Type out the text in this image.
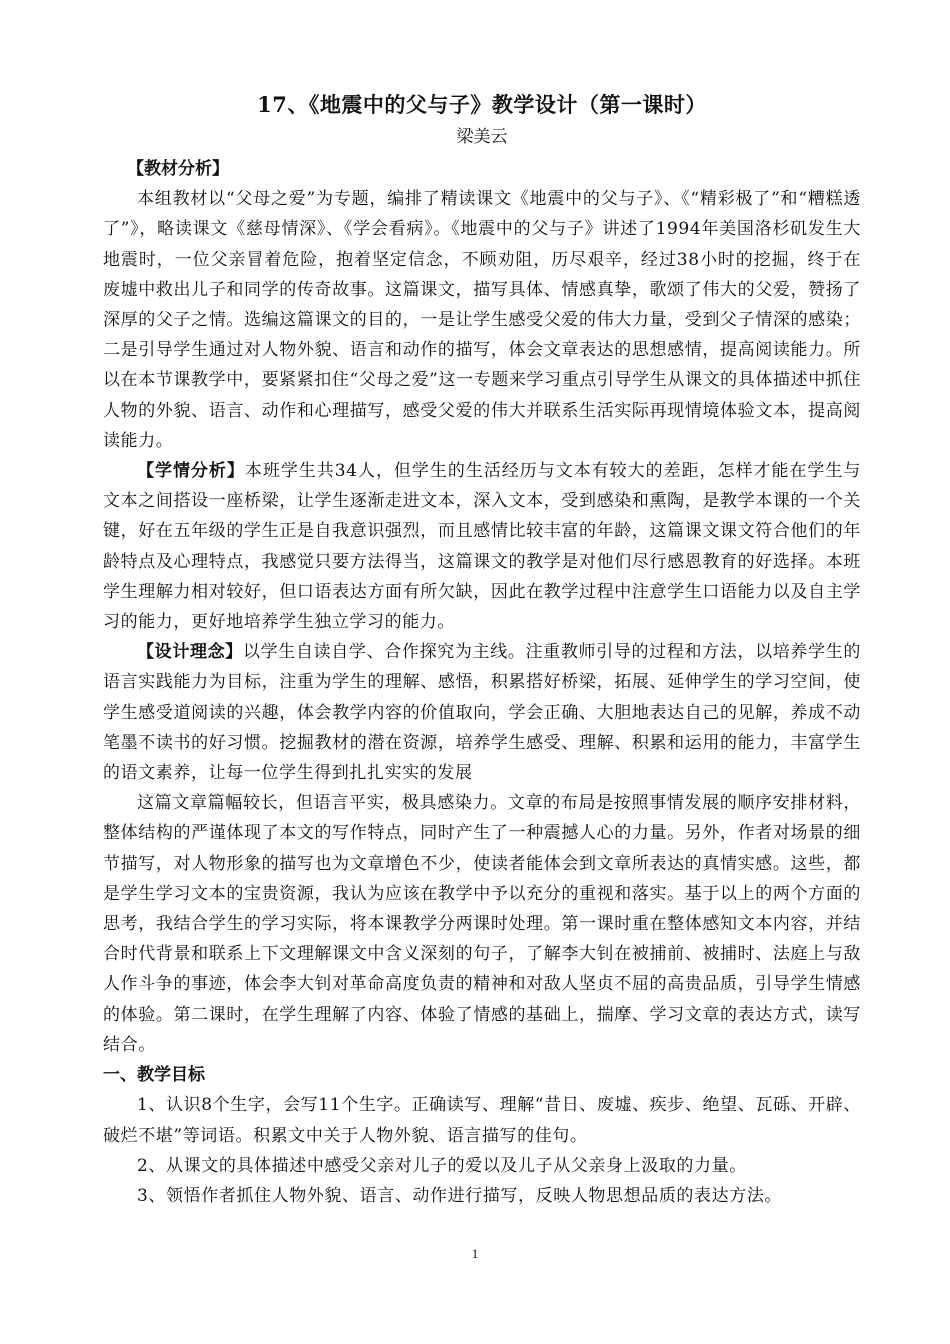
17、《地震中的父与子》教学设计（第一课时）

梁美云

【教材分析】

本组教材以“父母之爱”为专题，编排了精读课文《地震中的父与子》、《“精彩极了”和“糟糕透了”》，略读课文《慈母情深》、《学会看病》。《地震中的父与子》讲述了1994年美国洛杉矶发生大地震时，一位父亲冒着危险，抱着坚定信念，不顾劝阻，历尽艰辛，经过38小时的挖掘，终于在废墟中救出儿子和同学的传奇故事。这篇课文，描写具体、情感真挚，歌颂了伟大的父爱，赞扬了深厚的父子之情。选编这篇课文的目的，一是让学生感受父爱的伟大力量，受到父子情深的感染；二是引导学生通过对人物外貌、语言和动作的描写，体会文章表达的思想感情，提高阅读能力。所以在本节课教学中，要紧紧扣住“父母之爱”这一专题来学习重点引导学生从课文的具体描述中抓住人物的外貌、语言、动作和心理描写，感受父爱的伟大并联系生活实际再现情境体验文本，提高阅读能力。

【学情分析】本班学生共34人，但学生的生活经历与文本有较大的差距，怎样才能在学生与文本之间搭设一座桥梁，让学生逐渐走进文本，深入文本，受到感染和熏陶，是教学本课的一个关键，好在五年级的学生正是自我意识强烈，而且感情比较丰富的年龄，这篇课文课文符合他们的年龄特点及心理特点，我感觉只要方法得当，这篇课文的教学是对他们尽行感恩教育的好选择。本班学生理解力相对较好，但口语表达方面有所欠缺，因此在教学过程中注意学生口语能力以及自主学习的能力，更好地培养学生独立学习的能力。

【设计理念】以学生自读自学、合作探究为主线。注重教师引导的过程和方法，以培养学生的语言实践能力为目标，注重为学生的理解、感悟，积累搭好桥梁，拓展、延伸学生的学习空间，使学生感受道阅读的兴趣，体会教学内容的价值取向，学会正确、大胆地表达自己的见解，养成不动笔墨不读书的好习惯。挖掘教材的潜在资源，培养学生感受、理解、积累和运用的能力，丰富学生的语文素养，让每一位学生得到扎扎实实的发展

这篇文章篇幅较长，但语言平实，极具感染力。文章的布局是按照事情发展的顺序安排材料，整体结构的严谨体现了本文的写作特点，同时产生了一种震撼人心的力量。另外，作者对场景的细节描写，对人物形象的描写也为文章增色不少，使读者能体会到文章所表达的真情实感。这些，都是学生学习文本的宝贵资源，我认为应该在教学中予以充分的重视和落实。基于以上的两个方面的思考，我结合学生的学习实际，将本课教学分两课时处理。第一课时重在整体感知文本内容，并结合时代背景和联系上下文理解课文中含义深刻的句子，了解李大钊在被捕前、被捕时、法庭上与敌人作斗争的事迹，体会李大钊对革命高度负责的精神和对敌人坚贞不屈的高贵品质，引导学生情感的体验。第二课时，在学生理解了内容、体验了情感的基础上，揣摩、学习文章的表达方式，读写结合。

一、教学目标

1、认识8个生字，会写11个生字。正确读写、理解“昔日、废墟、疾步、绝望、瓦砾、开辟、破烂不堪”等词语。积累文中关于人物外貌、语言描写的佳句。

2、从课文的具体描述中感受父亲对儿子的爱以及儿子从父亲身上汲取的力量。

3、领悟作者抓住人物外貌、语言、动作进行描写，反映人物思想品质的表达方法。

1
